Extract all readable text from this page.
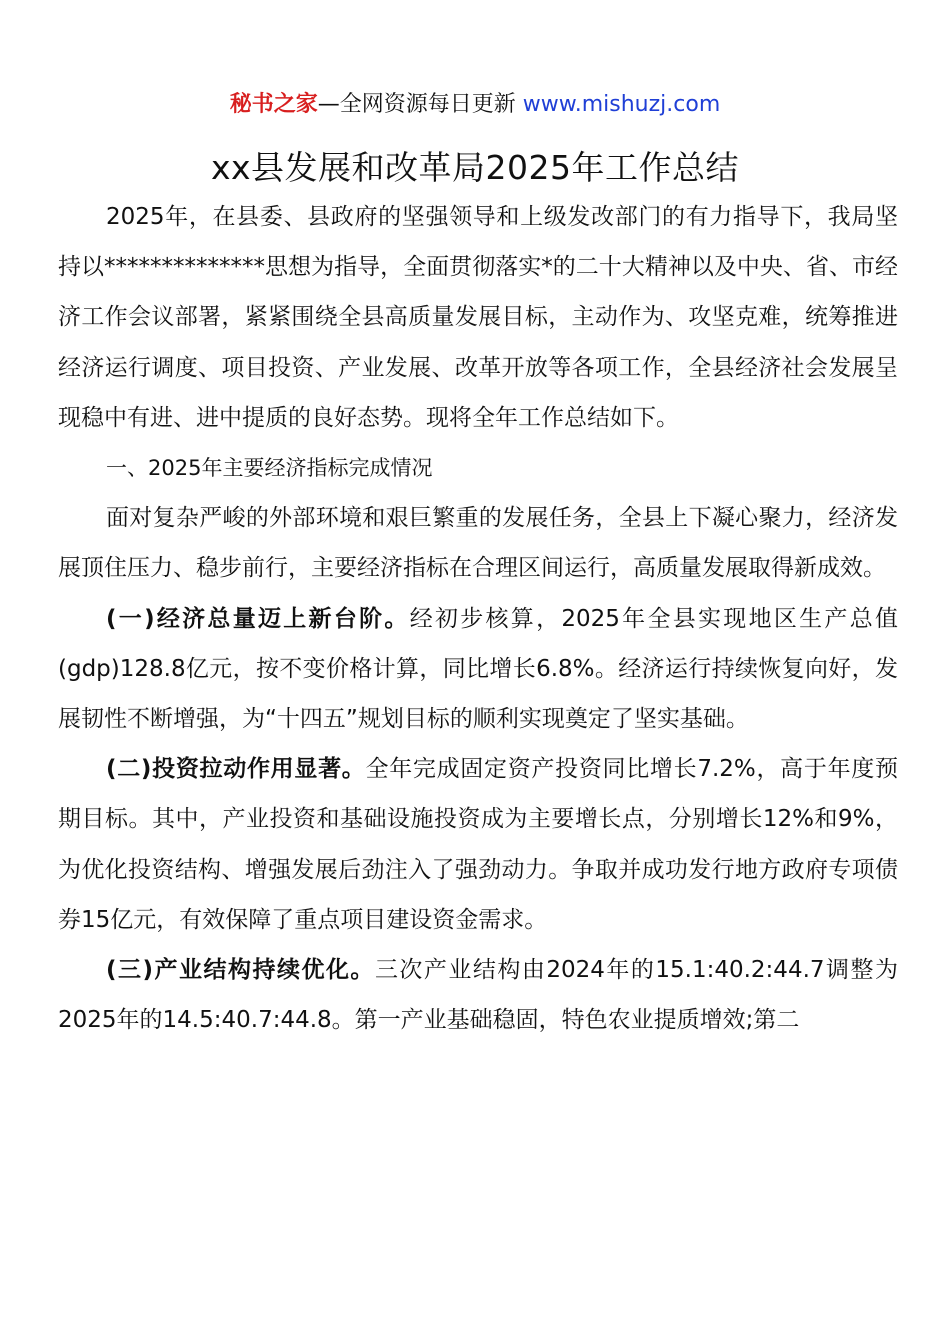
秘书之家—全网资源每日更新 www.mishuzj.com
xx县发展和改革局2025年工作总结

2025年，在县委、县政府的坚强领导和上级发改部门的有力指导下，我局坚持以**************思想为指导，全面贯彻落实*的二十大精神以及中央、省、市经济工作会议部署，紧紧围绕全县高质量发展目标，主动作为、攻坚克难，统筹推进经济运行调度、项目投资、产业发展、改革开放等各项工作，全县经济社会发展呈现稳中有进、进中提质的良好态势。现将全年工作总结如下。

一、2025年主要经济指标完成情况

面对复杂严峻的外部环境和艰巨繁重的发展任务，全县上下凝心聚力，经济发展顶住压力、稳步前行，主要经济指标在合理区间运行，高质量发展取得新成效。

(一)经济总量迈上新台阶。经初步核算，2025年全县实现地区生产总值(gdp)128.8亿元，按不变价格计算，同比增长6.8%。经济运行持续恢复向好，发展韧性不断增强，为“十四五”规划目标的顺利实现奠定了坚实基础。

(二)投资拉动作用显著。全年完成固定资产投资同比增长7.2%，高于年度预期目标。其中，产业投资和基础设施投资成为主要增长点，分别增长12%和9%，为优化投资结构、增强发展后劲注入了强劲动力。争取并成功发行地方政府专项债券15亿元，有效保障了重点项目建设资金需求。

(三)产业结构持续优化。三次产业结构由2024年的15.1:40.2:44.7调整为2025年的14.5:40.7:44.8。第一产业基础稳固，特色农业提质增效;第二
